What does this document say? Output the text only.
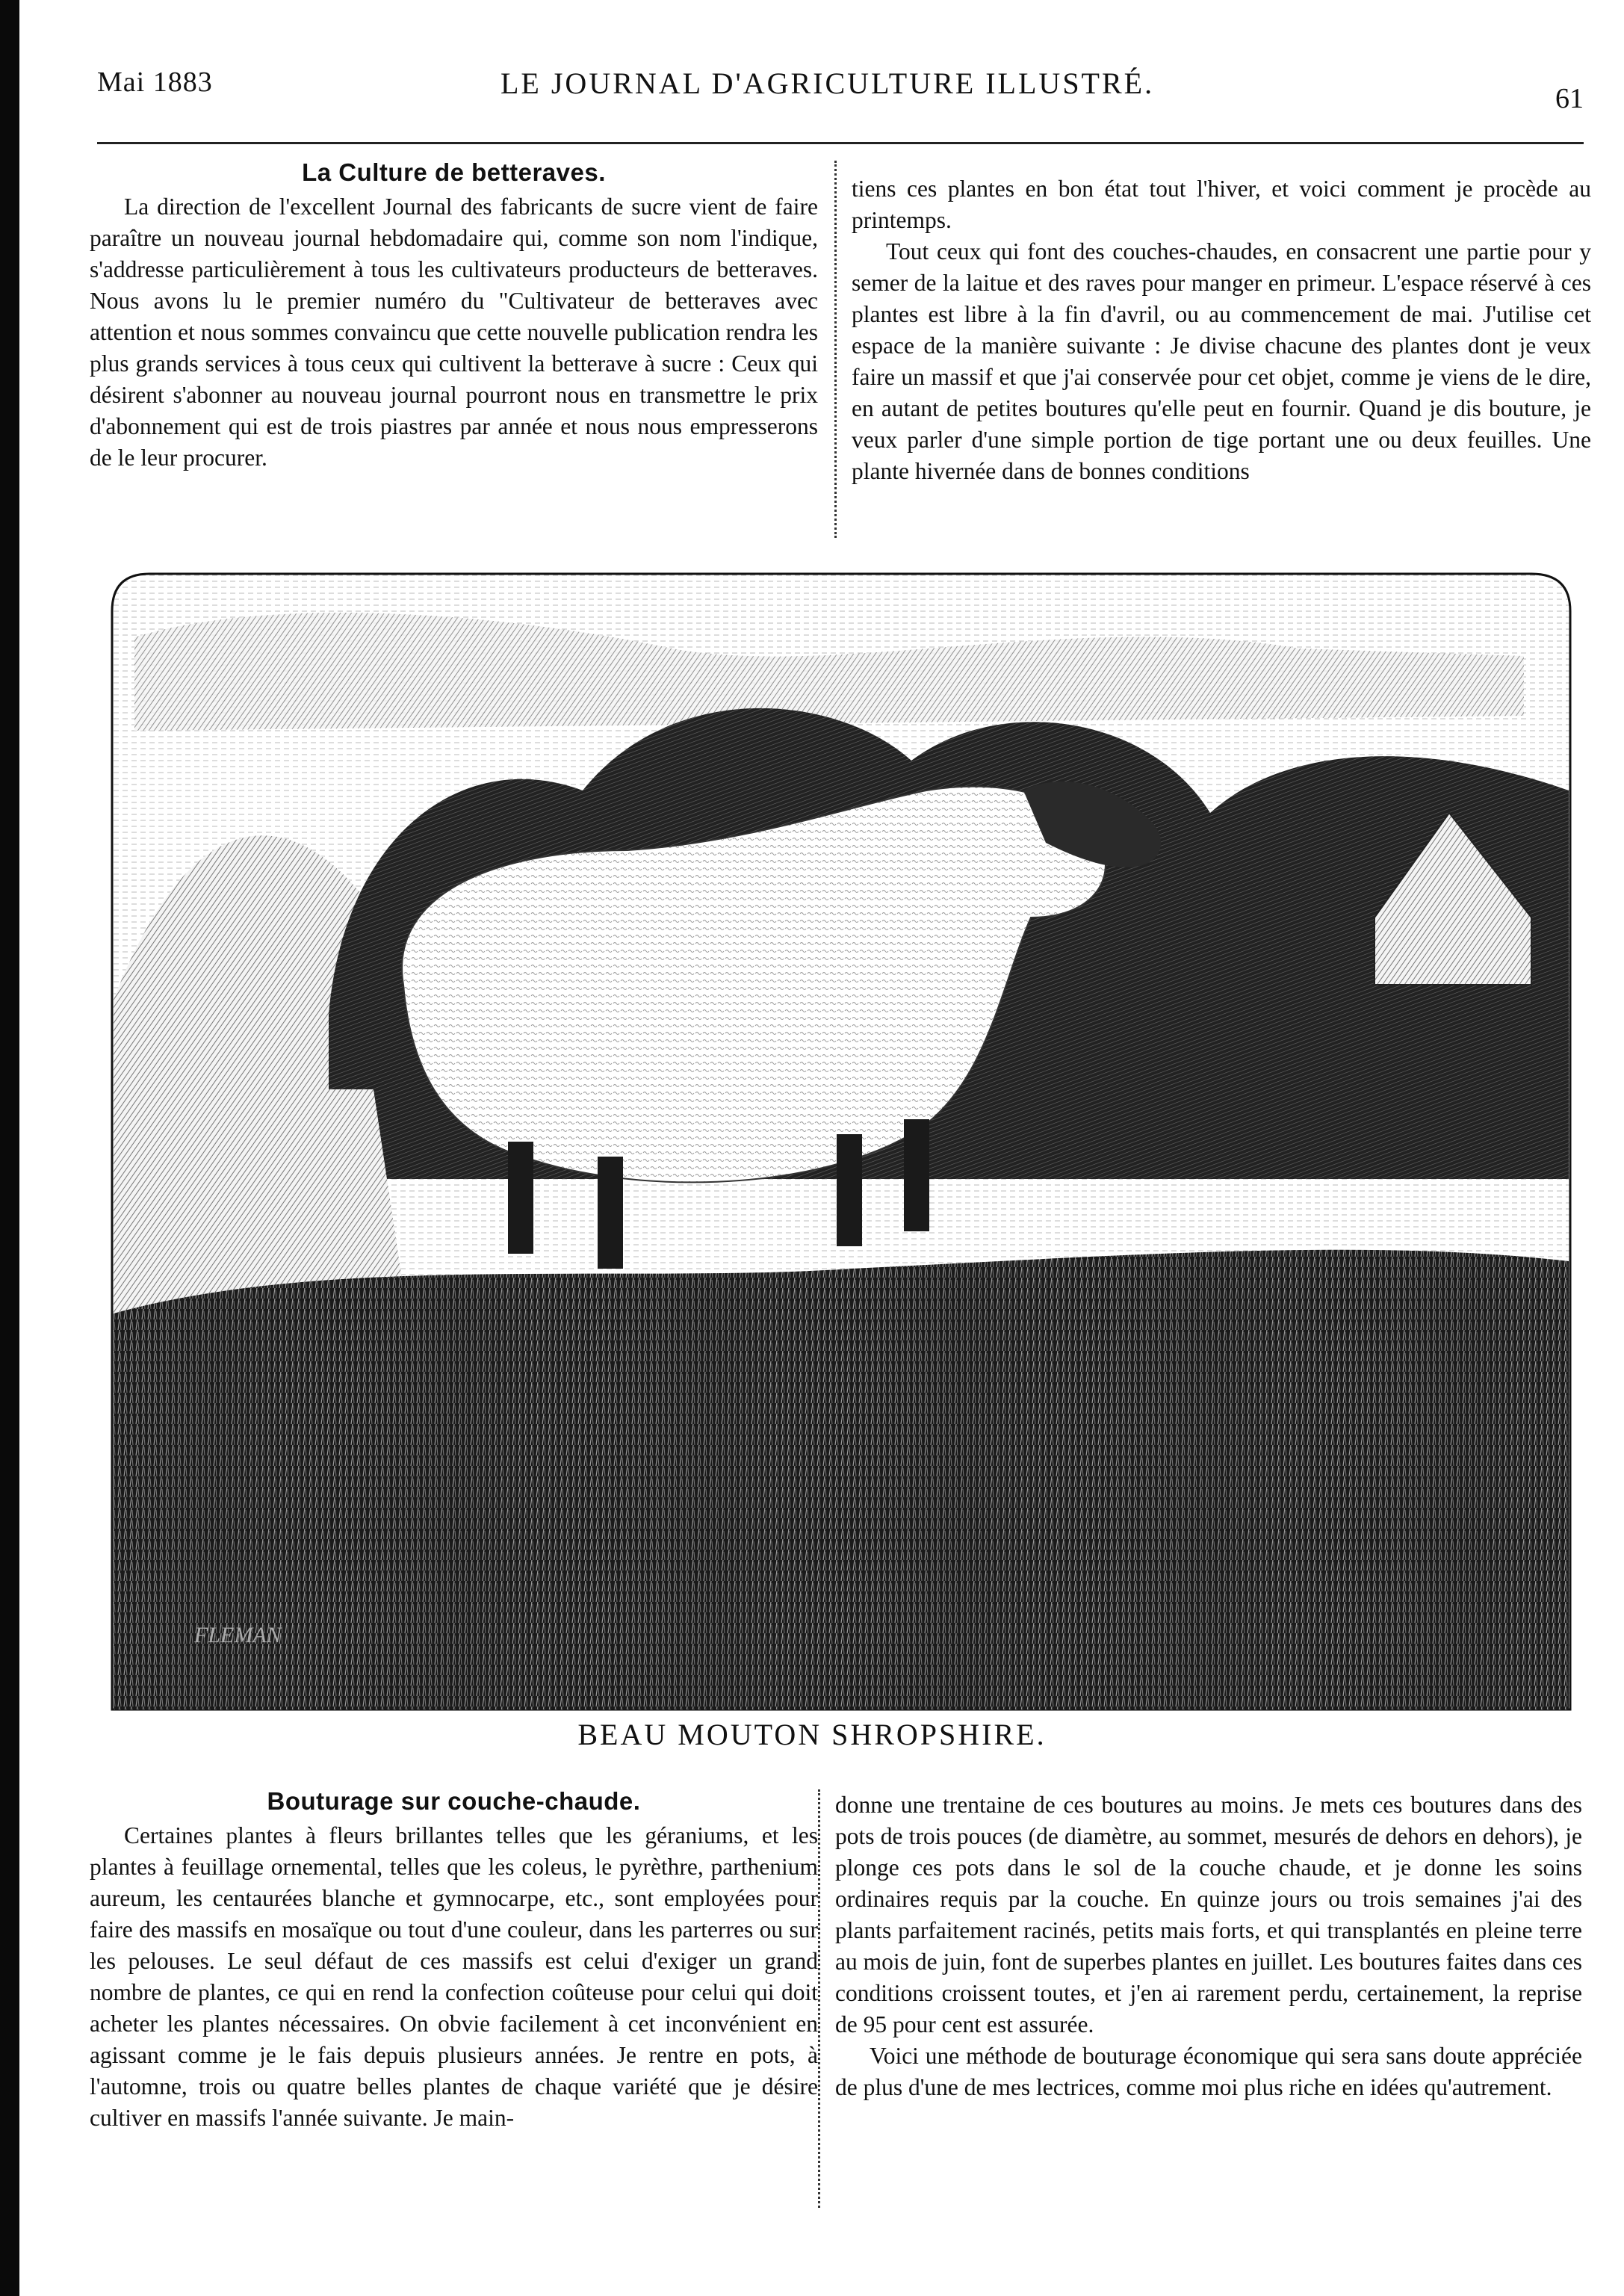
Mai 1883	LE JOURNAL D'AGRICULTURE ILLUSTRÉ.	61
La Culture de betteraves.

La direction de l'excellent Journal des fabricants de sucre vient de faire paraître un nouveau journal hebdomadaire qui, comme son nom l'indique, s'addresse particulièrement à tous les cultivateurs producteurs de betteraves. Nous avons lu le premier numéro du "Cultivateur de betteraves avec attention et nous sommes convaincu que cette nouvelle publication rendra les plus grands services à tous ceux qui cultivent la betterave à sucre : Ceux qui désirent s'abonner au nouveau journal pourront nous en transmettre le prix d'abonnement qui est de trois piastres par année et nous nous empresserons de le leur procurer.

tiens ces plantes en bon état tout l'hiver, et voici comment je procède au printemps.

Tout ceux qui font des couches-chaudes, en consacrent une partie pour y semer de la laitue et des raves pour manger en primeur. L'espace réservé à ces plantes est libre à la fin d'avril, ou au commencement de mai. J'utilise cet espace de la manière suivante : Je divise chacune des plantes dont je veux faire un massif et que j'ai conservée pour cet objet, comme je viens de le dire, en autant de petites boutures qu'elle peut en fournir. Quand je dis bouture, je veux parler d'une simple portion de tige portant une ou deux feuilles. Une plante hivernée dans de bonnes conditions

FLEMAN
BEAU MOUTON SHROPSHIRE.
Bouturage sur couche-chaude.

Certaines plantes à fleurs brillantes telles que les géraniums, et les plantes à feuillage ornemental, telles que les coleus, le pyrèthre, parthenium aureum, les centaurées blanche et gymnocarpe, etc., sont employées pour faire des massifs en mosaïque ou tout d'une couleur, dans les parterres ou sur les pelouses. Le seul défaut de ces massifs est celui d'exiger un grand nombre de plantes, ce qui en rend la confection coûteuse pour celui qui doit acheter les plantes nécessaires. On obvie facilement à cet inconvénient en agissant comme je le fais depuis plusieurs années. Je rentre en pots, à l'automne, trois ou quatre belles plantes de chaque variété que je désire cultiver en massifs l'année suivante. Je main-

donne une trentaine de ces boutures au moins. Je mets ces boutures dans des pots de trois pouces (de diamètre, au sommet, mesurés de dehors en dehors), je plonge ces pots dans le sol de la couche chaude, et je donne les soins ordinaires requis par la couche. En quinze jours ou trois semaines j'ai des plants parfaitement racinés, petits mais forts, et qui transplantés en pleine terre au mois de juin, font de superbes plantes en juillet. Les boutures faites dans ces conditions croissent toutes, et j'en ai rarement perdu, certainement, la reprise de 95 pour cent est assurée.

Voici une méthode de bouturage économique qui sera sans doute appréciée de plus d'une de mes lectrices, comme moi plus riche en idées qu'autrement.
